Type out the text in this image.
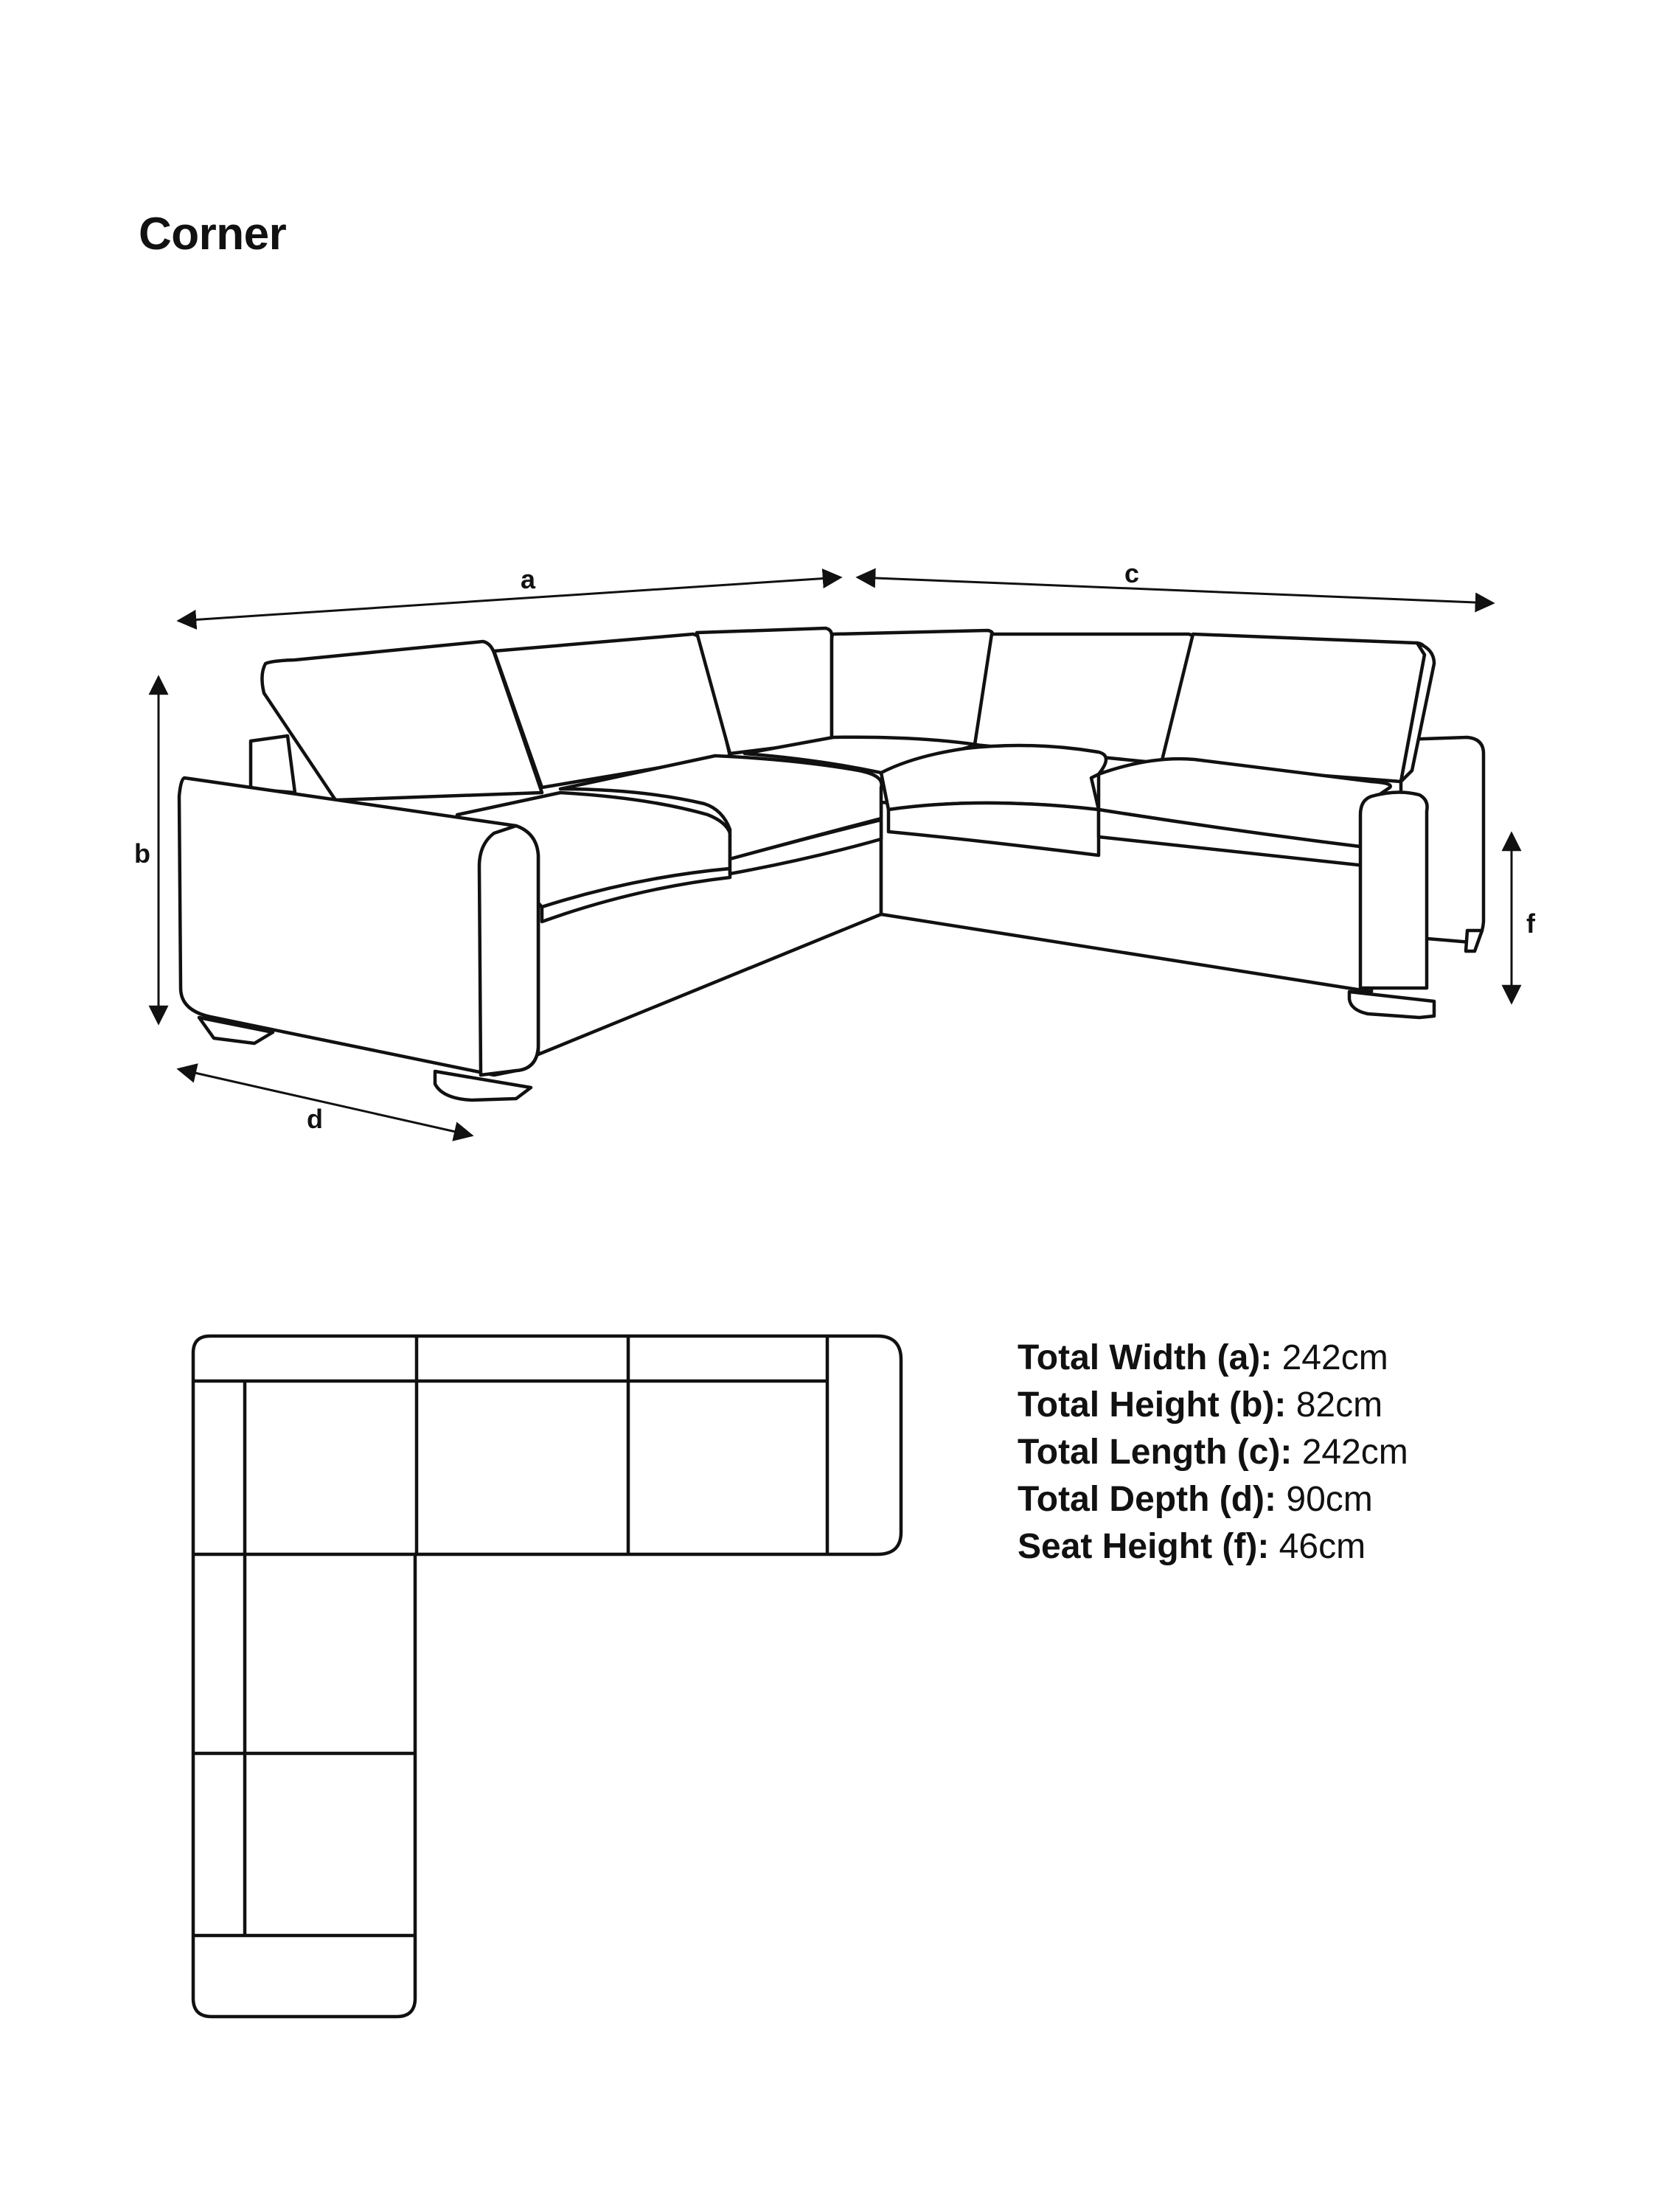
Corner
a	c
b
d
f
Total Width (a): 242cm
Total Height (b): 82cm
Total Length (c): 242cm
Total Depth (d): 90cm
Seat Height (f): 46cm
